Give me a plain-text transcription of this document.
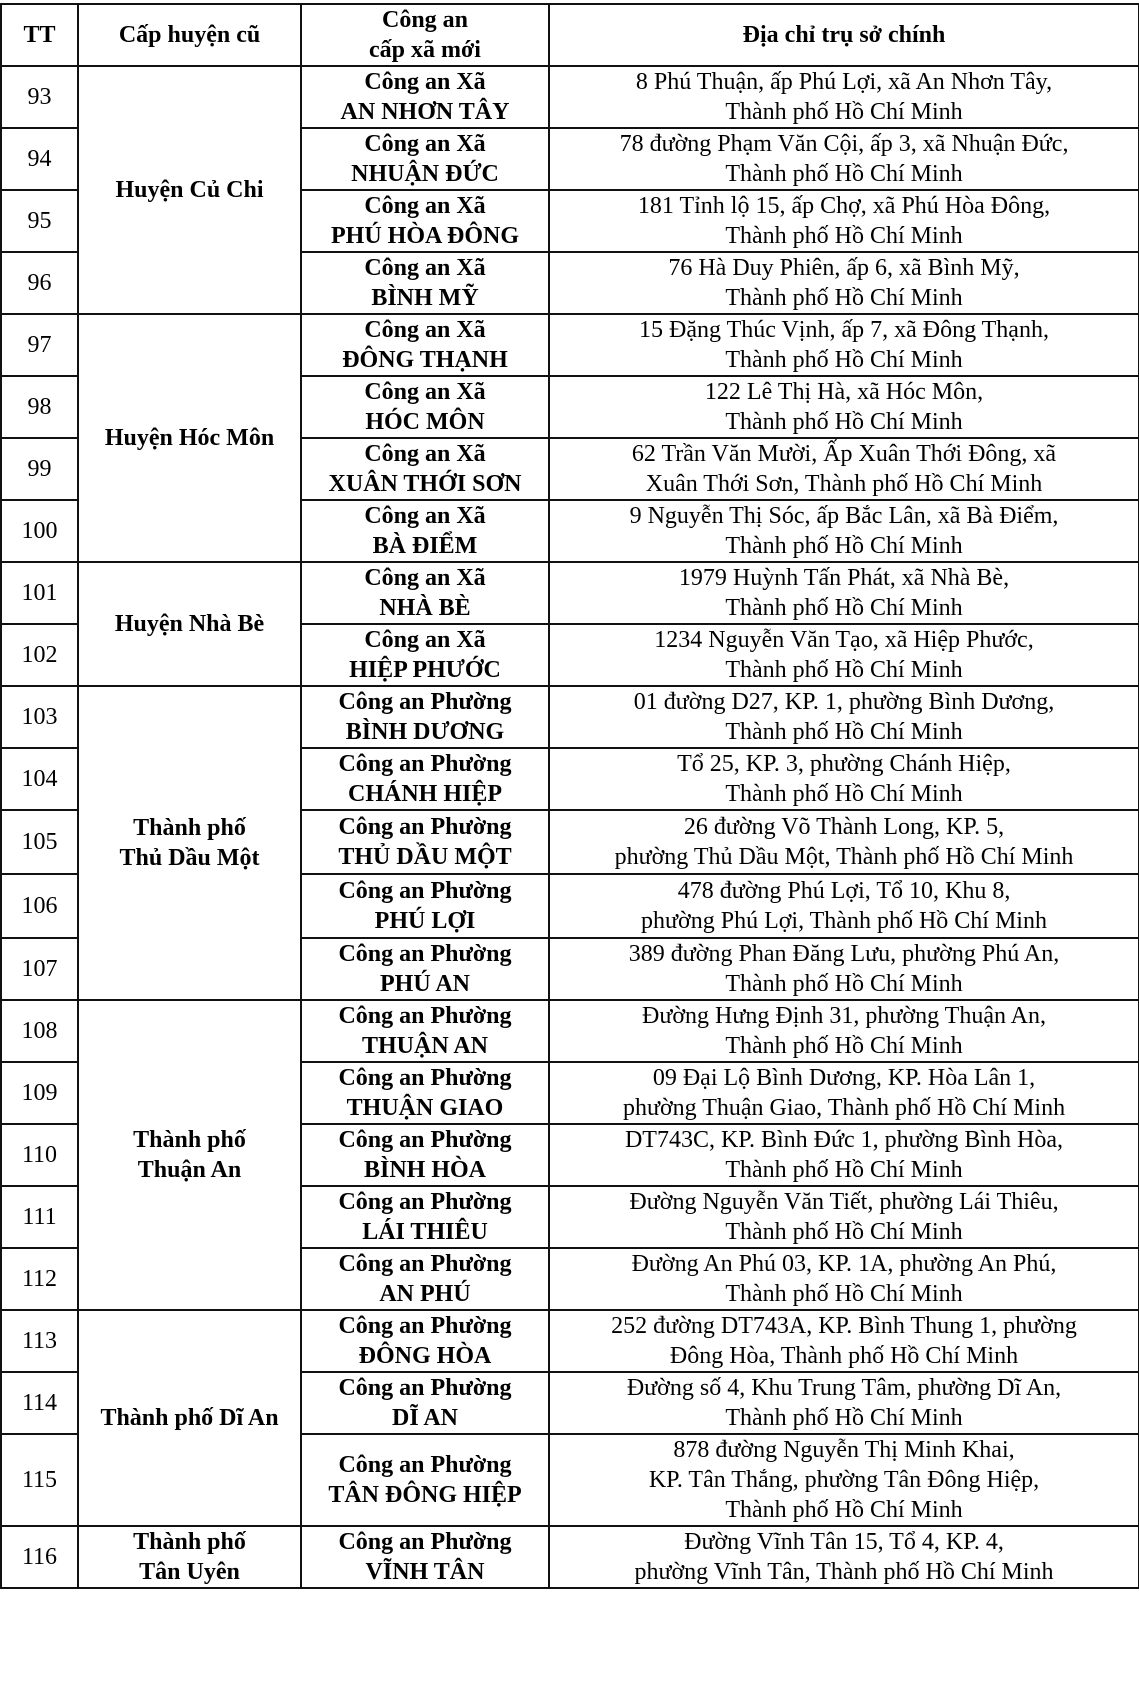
TT	Cấp huyện cũ	Công an
cấp xã mới	Địa chỉ trụ sở chính
93	Huyện Củ Chi	Công an Xã
AN NHƠN TÂY	8 Phú Thuận, ấp Phú Lợi, xã An Nhơn Tây,
Thành phố Hồ Chí Minh

94		Công an Xã
NHUẬN ĐỨC	78 đường Phạm Văn Cội, ấp 3, xã Nhuận Đức,
Thành phố Hồ Chí Minh

95		Công an Xã
PHÚ HÒA ĐÔNG	181 Tỉnh lộ 15, ấp Chợ, xã Phú Hòa Đông,
Thành phố Hồ Chí Minh

96		Công an Xã
BÌNH MỸ	76 Hà Duy Phiên, ấp 6, xã Bình Mỹ,
Thành phố Hồ Chí Minh

97	Huyện Hóc Môn	Công an Xã
ĐÔNG THẠNH	15 Đặng Thúc Vịnh, ấp 7, xã Đông Thạnh,
Thành phố Hồ Chí Minh

98		Công an Xã
HÓC MÔN	122 Lê Thị Hà, xã Hóc Môn,
Thành phố Hồ Chí Minh

99		Công an Xã
XUÂN THỚI SƠN	62 Trần Văn Mười, Ấp Xuân Thới Đông, xã
Xuân Thới Sơn, Thành phố Hồ Chí Minh

100		Công an Xã
BÀ ĐIỂM	9 Nguyễn Thị Sóc, ấp Bắc Lân, xã Bà Điểm,
Thành phố Hồ Chí Minh

101	Huyện Nhà Bè	Công an Xã
NHÀ BÈ	1979 Huỳnh Tấn Phát, xã Nhà Bè,
Thành phố Hồ Chí Minh

102		Công an Xã
HIỆP PHƯỚC	1234 Nguyễn Văn Tạo, xã Hiệp Phước,
Thành phố Hồ Chí Minh

103	Thành phố
Thủ Dầu Một	Công an Phường
BÌNH DƯƠNG	01 đường D27, KP. 1, phường Bình Dương,
Thành phố Hồ Chí Minh

104		Công an Phường
CHÁNH HIỆP	Tổ 25, KP. 3, phường Chánh Hiệp,
Thành phố Hồ Chí Minh

105		Công an Phường
THỦ DẦU MỘT	26 đường Võ Thành Long, KP. 5,
phường Thủ Dầu Một, Thành phố Hồ Chí Minh

106		Công an Phường
PHÚ LỢI	478 đường Phú Lợi, Tổ 10, Khu 8,
phường Phú Lợi, Thành phố Hồ Chí Minh

107		Công an Phường
PHÚ AN	389 đường Phan Đăng Lưu, phường Phú An,
Thành phố Hồ Chí Minh

108	Thành phố
Thuận An	Công an Phường
THUẬN AN	Đường Hưng Định 31, phường Thuận An,
Thành phố Hồ Chí Minh

109		Công an Phường
THUẬN GIAO	09 Đại Lộ Bình Dương, KP. Hòa Lân 1,
phường Thuận Giao, Thành phố Hồ Chí Minh

110		Công an Phường
BÌNH HÒA	DT743C, KP. Bình Đức 1, phường Bình Hòa,
Thành phố Hồ Chí Minh

111		Công an Phường
LÁI THIÊU	Đường Nguyễn Văn Tiết, phường Lái Thiêu,
Thành phố Hồ Chí Minh

112		Công an Phường
AN PHÚ	Đường An Phú 03, KP. 1A, phường An Phú,
Thành phố Hồ Chí Minh

113	Thành phố Dĩ An	Công an Phường
ĐÔNG HÒA	252 đường DT743A, KP. Bình Thung 1, phường
Đông Hòa, Thành phố Hồ Chí Minh

114		Công an Phường
DĨ AN	Đường số 4, Khu Trung Tâm, phường Dĩ An,
Thành phố Hồ Chí Minh

115		Công an Phường
TÂN ĐÔNG HIỆP	878 đường Nguyễn Thị Minh Khai,
KP. Tân Thắng, phường Tân Đông Hiệp,
Thành phố Hồ Chí Minh

116	Thành phố
Tân Uyên	Công an Phường
VĨNH TÂN	Đường Vĩnh Tân 15, Tổ 4, KP. 4,
phường Vĩnh Tân, Thành phố Hồ Chí Minh
